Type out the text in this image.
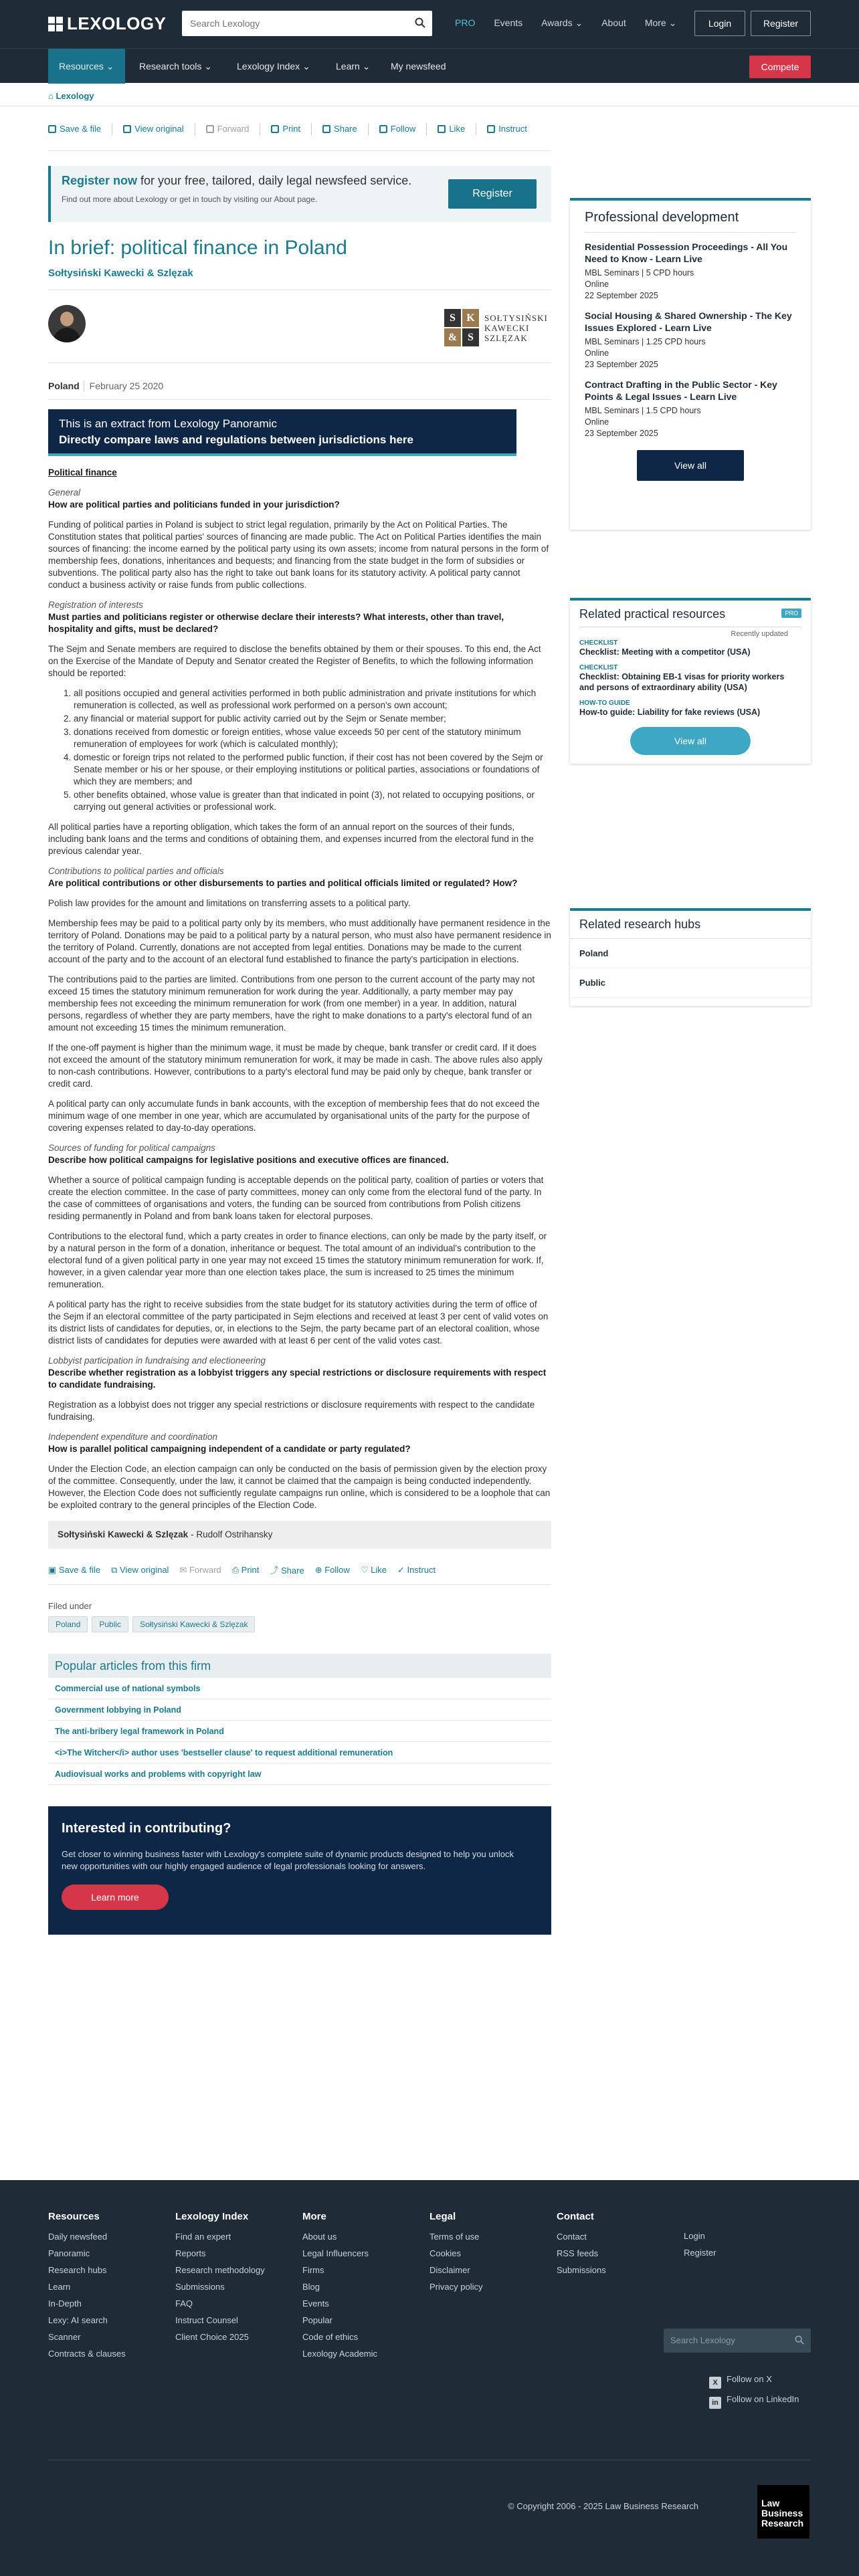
LEXOLOGY
Search Lexology	PRO Events Awards ⌄ About More ⌄	Login	Register
Resources ⌄	Research tools ⌄	Lexology Index ⌄	Learn ⌄ My newsfeed	Compete
⌂ Lexology
Save & file	View original	Forward	Print	Share	Follow	Like	Instruct
Register now for your free, tailored, daily legal newsfeed service.
Find out more about Lexology or get in touch by visiting our About page.	Register
In brief: political finance in Poland
Sołtysiński Kawecki & Szlęzak
S	K
& S
SOŁTYSIŃSKI
KAWECKI
SZLĘZAK
Poland February 25 2020
This is an extract from Lexology Panoramic
Directly compare laws and regulations between jurisdictions here
Political finance
General
How are political parties and politicians funded in your jurisdiction?

Funding of political parties in Poland is subject to strict legal regulation, primarily by the Act on Political Parties. The Constitution states that political parties' sources of financing are made public. The Act on Political Parties identifies the main sources of financing: the income earned by the political party using its own assets; income from natural persons in the form of membership fees, donations, inheritances and bequests; and financing from the state budget in the form of subsidies or subventions. The political party also has the right to take out bank loans for its statutory activity. A political party cannot conduct a business activity or raise funds from public collections.

Registration of interests
Must parties and politicians register or otherwise declare their interests? What interests, other than travel, hospitality and gifts, must be declared?

The Sejm and Senate members are required to disclose the benefits obtained by them or their spouses. To this end, the Act on the Exercise of the Mandate of Deputy and Senator created the Register of Benefits, to which the following information should be reported:

1. all positions occupied and general activities performed in both public administration and private institutions for which remuneration is collected, as well as professional work performed on a person's own account;
2. any financial or material support for public activity carried out by the Sejm or Senate member;
3. donations received from domestic or foreign entities, whose value exceeds 50 per cent of the statutory minimum remuneration of employees for work (which is calculated monthly);
4. domestic or foreign trips not related to the performed public function, if their cost has not been covered by the Sejm or Senate member or his or her spouse, or their employing institutions or political parties, associations or foundations of which they are members; and
5. other benefits obtained, whose value is greater than that indicated in point (3), not related to occupying positions, or carrying out general activities or professional work.

All political parties have a reporting obligation, which takes the form of an annual report on the sources of their funds, including bank loans and the terms and conditions of obtaining them, and expenses incurred from the electoral fund in the previous calendar year.

Contributions to political parties and officials
Are political contributions or other disbursements to parties and political officials limited or regulated? How?

Polish law provides for the amount and limitations on transferring assets to a political party.

Membership fees may be paid to a political party only by its members, who must additionally have permanent residence in the territory of Poland. Donations may be paid to a political party by a natural person, who must also have permanent residence in the territory of Poland. Currently, donations are not accepted from legal entities. Donations may be made to the current account of the party and to the account of an electoral fund established to finance the party's participation in elections.

The contributions paid to the parties are limited. Contributions from one person to the current account of the party may not exceed 15 times the statutory minimum remuneration for work during the year. Additionally, a party member may pay membership fees not exceeding the minimum remuneration for work (from one member) in a year. In addition, natural persons, regardless of whether they are party members, have the right to make donations to a party's electoral fund of an amount not exceeding 15 times the minimum remuneration.

If the one-off payment is higher than the minimum wage, it must be made by cheque, bank transfer or credit card. If it does not exceed the amount of the statutory minimum remuneration for work, it may be made in cash. The above rules also apply to non-cash contributions. However, contributions to a party's electoral fund may be paid only by cheque, bank transfer or credit card.

A political party can only accumulate funds in bank accounts, with the exception of membership fees that do not exceed the minimum wage of one member in one year, which are accumulated by organisational units of the party for the purpose of covering expenses related to day-to-day operations.

Sources of funding for political campaigns
Describe how political campaigns for legislative positions and executive offices are financed.

Whether a source of political campaign funding is acceptable depends on the political party, coalition of parties or voters that create the election committee. In the case of party committees, money can only come from the electoral fund of the party. In the case of committees of organisations and voters, the funding can be sourced from contributions from Polish citizens residing permanently in Poland and from bank loans taken for electoral purposes.

Contributions to the electoral fund, which a party creates in order to finance elections, can only be made by the party itself, or by a natural person in the form of a donation, inheritance or bequest. The total amount of an individual's contribution to the electoral fund of a given political party in one year may not exceed 15 times the statutory minimum remuneration for work. If, however, in a given calendar year more than one election takes place, the sum is increased to 25 times the minimum remuneration.

A political party has the right to receive subsidies from the state budget for its statutory activities during the term of office of the Sejm if an electoral committee of the party participated in Sejm elections and received at least 3 per cent of valid votes on its district lists of candidates for deputies, or, in elections to the Sejm, the party became part of an electoral coalition, whose district lists of candidates for deputies were awarded with at least 6 per cent of the valid votes cast.

Lobbyist participation in fundraising and electioneering
Describe whether registration as a lobbyist triggers any special restrictions or disclosure requirements with respect to candidate fundraising.

Registration as a lobbyist does not trigger any special restrictions or disclosure requirements with respect to the candidate fundraising.

Independent expenditure and coordination
How is parallel political campaigning independent of a candidate or party regulated?

Under the Election Code, an election campaign can only be conducted on the basis of permission given by the election proxy of the committee. Consequently, under the law, it cannot be claimed that the campaign is being conducted independently. However, the Election Code does not sufficiently regulate campaigns run online, which is considered to be a loophole that can be exploited contrary to the general principles of the Election Code.

Sołtysiński Kawecki & Szlęzak - Rudolf Ostrihansky
▣ Save & file ⧉ View original ✉ Forward ⎙ Print ⤴ Share ⊕ Follow ♡ Like ✓ Instruct
Filed under
Poland	Public	Sołtysiński Kawecki & Szlęzak
Popular articles from this firm
Commercial use of national symbols
Government lobbying in Poland
The anti-bribery legal framework in Poland
<i>The Witcher</i> author uses 'bestseller clause' to request additional remuneration
Audiovisual works and problems with copyright law
Interested in contributing?
Get closer to winning business faster with Lexology's complete suite of dynamic products designed to help you unlock new opportunities with our highly engaged audience of legal professionals looking for answers.
Learn more
Professional development
Residential Possession Proceedings - All You Need to Know - Learn Live
MBL Seminars | 5 CPD hours
Online
22 September 2025
Social Housing & Shared Ownership - The Key Issues Explored - Learn Live
MBL Seminars | 1.25 CPD hours
Online
23 September 2025
Contract Drafting in the Public Sector - Key Points & Legal Issues - Learn Live
MBL Seminars | 1.5 CPD hours
Online
23 September 2025
View all
Related practical resources	PRO
Recently updated
CHECKLIST
Checklist: Meeting with a competitor (USA)
CHECKLIST
Checklist: Obtaining EB-1 visas for priority workers and persons of extraordinary ability (USA)
HOW-TO GUIDE
How-to guide: Liability for fake reviews (USA)
View all
Related research hubs
Poland
Public
Resources
Daily newsfeed
Panoramic
Research hubs
Learn
In-Depth
Lexy: AI search
Scanner
Contracts & clauses
Lexology Index
Find an expert
Reports
Research methodology
Submissions
FAQ
Instruct Counsel
Client Choice 2025
More
About us
Legal Influencers
Firms
Blog
Events
Popular
Code of ethics
Lexology Academic
Legal
Terms of use
Cookies
Disclaimer
Privacy policy
Contact
Contact
RSS feeds
Submissions
Login
Register
Search Lexology
X Follow on X
in Follow on LinkedIn
© Copyright 2006 - 2025 Law Business Research	Law Business Research
